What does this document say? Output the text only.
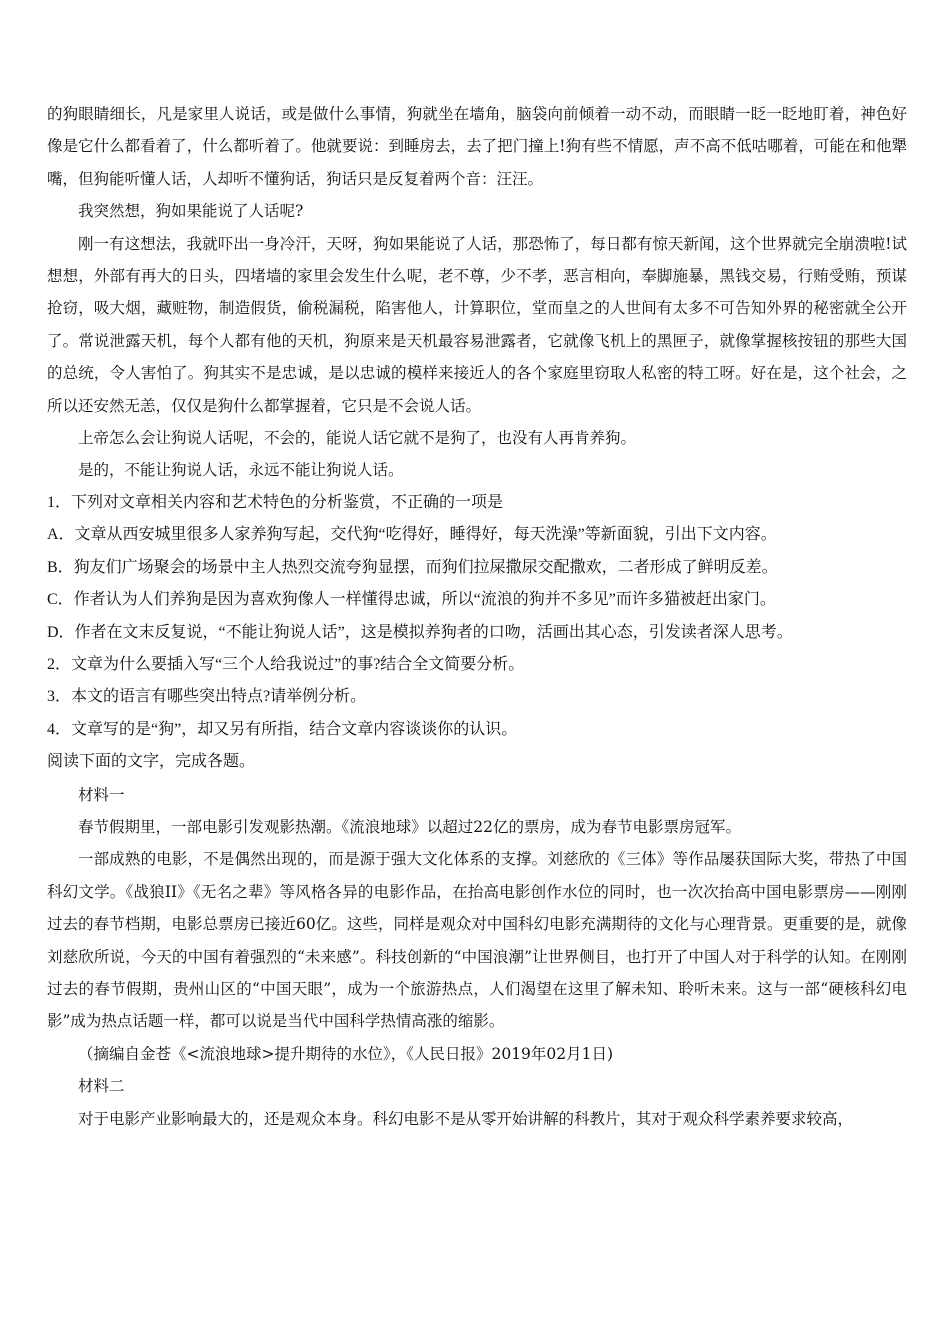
的狗眼睛细长，凡是家里人说话，或是做什么事情，狗就坐在墙角，脑袋向前倾着一动不动，而眼睛一眨一眨地盯着，神色好像是它什么都看着了，什么都听着了。他就要说：到睡房去，去了把门撞上!狗有些不情愿，声不高不低咕哪着，可能在和他犟嘴，但狗能听懂人话，人却听不懂狗话，狗话只是反复着两个音：汪汪。

我突然想，狗如果能说了人话呢?

刚一有这想法，我就吓出一身冷汗，天呀，狗如果能说了人话，那恐怖了，每日都有惊天新闻，这个世界就完全崩溃啦!试想想，外部有再大的日头，四堵墙的家里会发生什么呢，老不尊，少不孝，恶言相向，奉脚施暴，黑钱交易，行贿受贿，预谋抢窃，吸大烟，藏赃物，制造假货，偷税漏税，陷害他人，计算职位，堂而皇之的人世间有太多不可告知外界的秘密就全公开了。常说泄露天机，每个人都有他的天机，狗原来是天机最容易泄露者，它就像飞机上的黑匣子，就像掌握核按钮的那些大国的总统，令人害怕了。狗其实不是忠诚，是以忠诚的模样来接近人的各个家庭里窃取人私密的特工呀。好在是，这个社会，之所以还安然无恙，仅仅是狗什么都掌握着，它只是不会说人话。

上帝怎么会让狗说人话呢，不会的，能说人话它就不是狗了，也没有人再肯养狗。

是的，不能让狗说人话，永远不能让狗说人话。

1．下列对文章相关内容和艺术特色的分析鉴赏，不正确的一项是

A．文章从西安城里很多人家养狗写起，交代狗“吃得好，睡得好，每天洗澡”等新面貌，引出下文内容。

B．狗友们广场聚会的场景中主人热烈交流夸狗显摆，而狗们拉屎撒尿交配撒欢，二者形成了鲜明反差。

C．作者认为人们养狗是因为喜欢狗像人一样懂得忠诚，所以“流浪的狗并不多见”而许多猫被赶出家门。

D．作者在文末反复说，“不能让狗说人话”，这是模拟养狗者的口吻，活画出其心态，引发读者深人思考。

2．文章为什么要插入写“三个人给我说过”的事?结合全文简要分析。

3．本文的语言有哪些突出特点?请举例分析。

4．文章写的是“狗”，却又另有所指，结合文章内容谈谈你的认识。

阅读下面的文字，完成各题。

材料一

春节假期里，一部电影引发观影热潮。《流浪地球》以超过22亿的票房，成为春节电影票房冠军。

一部成熟的电影，不是偶然出现的，而是源于强大文化体系的支撑。刘慈欣的《三体》等作品屡获国际大奖，带热了中国科幻文学。《战狼II》《无名之辈》等风格各异的电影作品，在抬高电影创作水位的同时，也一次次抬高中国电影票房——刚刚过去的春节档期，电影总票房已接近60亿。这些，同样是观众对中国科幻电影充满期待的文化与心理背景。更重要的是，就像刘慈欣所说，今天的中国有着强烈的“未来感”。科技创新的“中国浪潮”让世界侧目，也打开了中国人对于科学的认知。在刚刚过去的春节假期，贵州山区的“中国天眼”，成为一个旅游热点，人们渴望在这里了解未知、聆听未来。这与一部“硬核科幻电影”成为热点话题一样，都可以说是当代中国科学热情高涨的缩影。

（摘编自金苍《<流浪地球>提升期待的水位》，《人民日报》2019年02月1日)

材料二

对于电影产业影响最大的，还是观众本身。科幻电影不是从零开始讲解的科教片，其对于观众科学素养要求较高，
